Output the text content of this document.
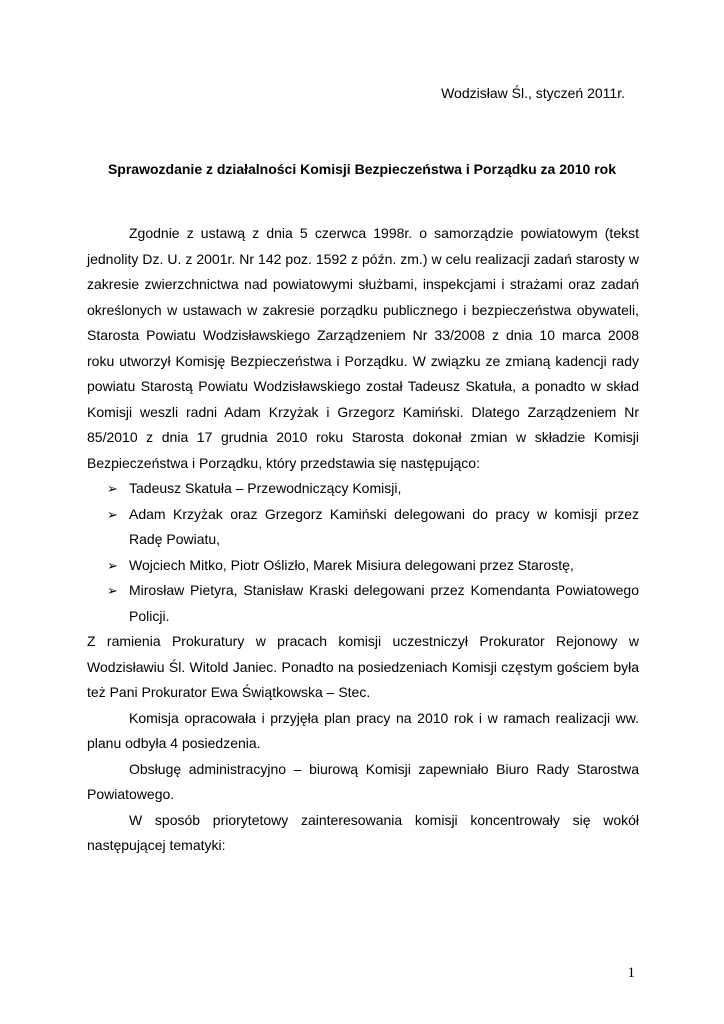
Wodzisław Śl., styczeń 2011r.
Sprawozdanie z działalności Komisji Bezpieczeństwa i Porządku za 2010 rok

Zgodnie z ustawą z dnia 5 czerwca 1998r. o samorządzie powiatowym (tekst jednolity Dz. U. z 2001r. Nr 142 poz. 1592 z późn. zm.) w celu realizacji zadań starosty w zakresie zwierzchnictwa nad powiatowymi służbami, inspekcjami i strażami oraz zadań określonych w ustawach w zakresie porządku publicznego i bezpieczeństwa obywateli, Starosta Powiatu Wodzisławskiego Zarządzeniem Nr 33/2008 z dnia 10 marca 2008 roku utworzył Komisję Bezpieczeństwa i Porządku. W związku ze zmianą kadencji rady powiatu Starostą Powiatu Wodzisławskiego został Tadeusz Skatuła, a ponadto w skład Komisji weszli radni Adam Krzyżak i Grzegorz Kamiński. Dlatego Zarządzeniem Nr 85/2010 z dnia 17 grudnia 2010 roku Starosta dokonał zmian w składzie Komisji Bezpieczeństwa i Porządku, który przedstawia się następująco:

➢ Tadeusz Skatuła – Przewodniczący Komisji,
➢ Adam Krzyżak oraz Grzegorz Kamiński delegowani do pracy w komisji przez Radę Powiatu,
➢ Wojciech Mitko, Piotr Oślizło, Marek Misiura delegowani przez Starostę,
➢ Mirosław Pietyra, Stanisław Kraski delegowani przez Komendanta Powiatowego Policji.

Z ramienia Prokuratury w pracach komisji uczestniczył Prokurator Rejonowy w Wodzisławiu Śl. Witold Janiec. Ponadto na posiedzeniach Komisji częstym gościem była też Pani Prokurator Ewa Świątkowska – Stec.

Komisja opracowała i przyjęła plan pracy na 2010 rok i w ramach realizacji ww. planu odbyła 4 posiedzenia.

Obsługę administracyjno – biurową Komisji zapewniało Biuro Rady Starostwa Powiatowego.

W sposób priorytetowy zainteresowania komisji koncentrowały się wokół następującej tematyki:

1
